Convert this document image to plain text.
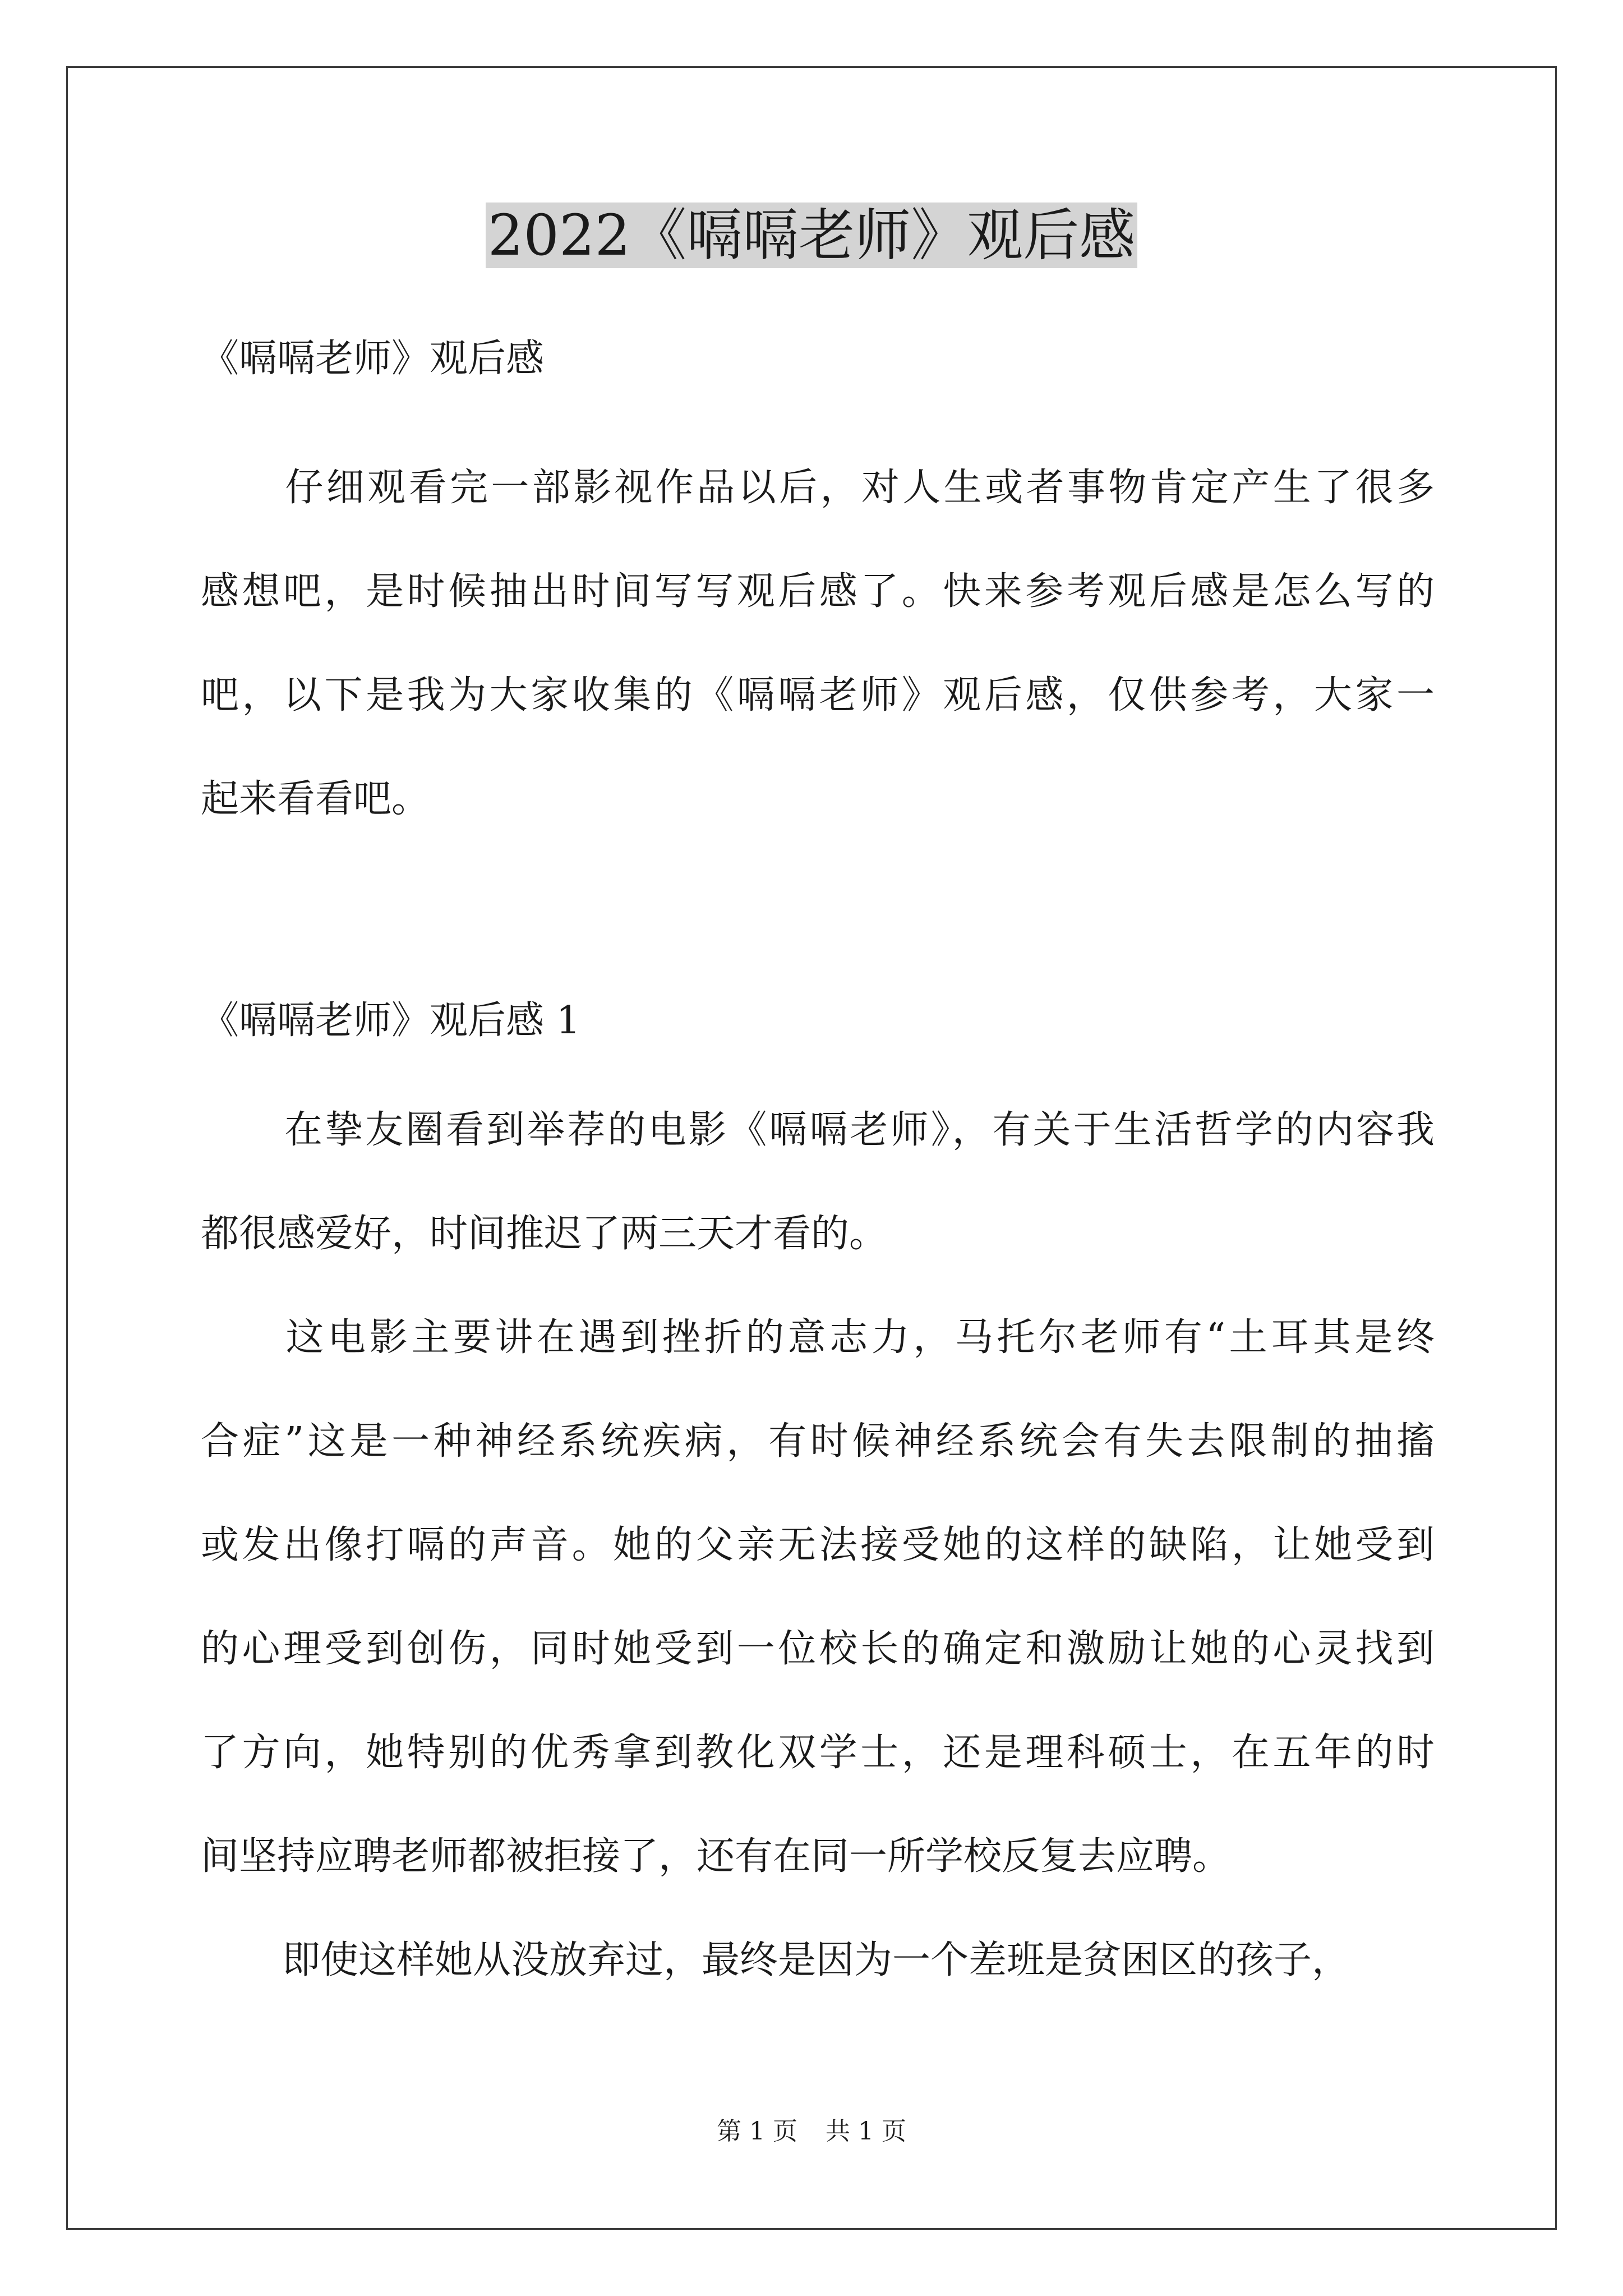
2022《嗝嗝老师》观后感
《嗝嗝老师》观后感
仔细观看完一部影视作品以后，对人生或者事物肯定产生了很多
感想吧，是时候抽出时间写写观后感了。快来参考观后感是怎么写的
吧，以下是我为大家收集的《嗝嗝老师》观后感，仅供参考，大家一
起来看看吧。
《嗝嗝老师》观后感 1
在挚友圈看到举荐的电影《嗝嗝老师》，有关于生活哲学的内容我
都很感爱好，时间推迟了两三天才看的。
这电影主要讲在遇到挫折的意志力，马托尔老师有“土耳其是终
合症”这是一种神经系统疾病，有时候神经系统会有失去限制的抽搐
或发出像打嗝的声音。她的父亲无法接受她的这样的缺陷，让她受到
的心理受到创伤，同时她受到一位校长的确定和激励让她的心灵找到
了方向，她特别的优秀拿到教化双学士，还是理科硕士，在五年的时
间坚持应聘老师都被拒接了，还有在同一所学校反复去应聘。
即使这样她从没放弃过，最终是因为一个差班是贫困区的孩子，
第 1 页 共 1 页
